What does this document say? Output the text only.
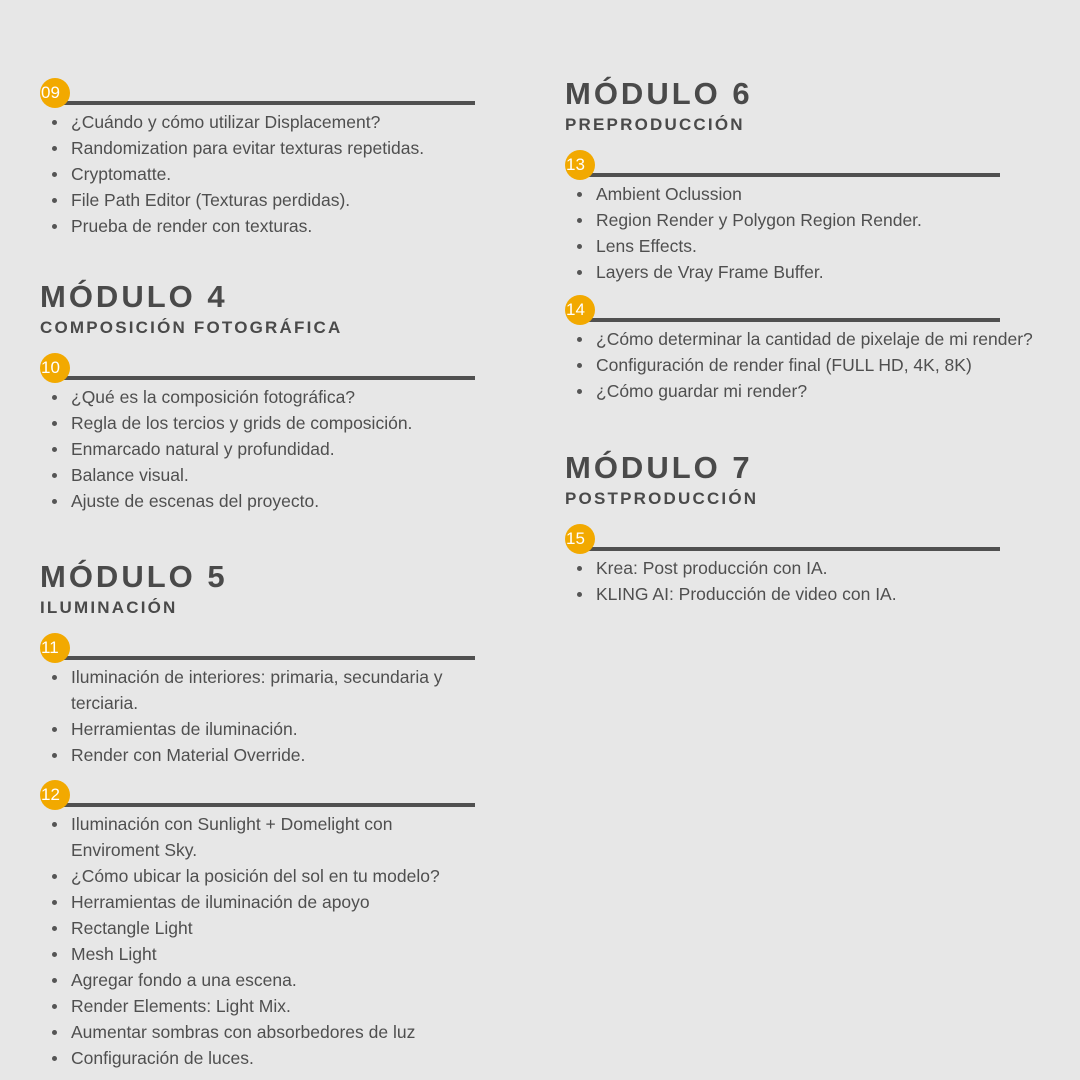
09
¿Cuándo y cómo utilizar Displacement?
Randomization para evitar texturas repetidas.
Cryptomatte.
File Path Editor (Texturas perdidas).
Prueba de render con texturas.
MÓDULO 4
COMPOSICIÓN FOTOGRÁFICA
10
¿Qué es la composición fotográfica?
Regla de los tercios y grids de composición.
Enmarcado natural y profundidad.
Balance visual.
Ajuste de escenas del proyecto.
MÓDULO 5
ILUMINACIÓN
11
Iluminación de interiores: primaria, secundaria y terciaria.
Herramientas de iluminación.
Render con Material Override.
12
Iluminación con Sunlight + Domelight con Enviroment Sky.
¿Cómo ubicar la posición del sol en tu modelo?
Herramientas de iluminación de apoyo
Rectangle Light
Mesh Light
Agregar fondo a una escena.
Render Elements: Light Mix.
Aumentar sombras con absorbedores de luz
Configuración de luces.
MÓDULO 6
PREPRODUCCIÓN
13
Ambient Oclussion
Region Render y Polygon Region Render.
Lens Effects.
Layers de Vray Frame Buffer.
14
¿Cómo determinar la cantidad de pixelaje de mi render?
Configuración de render final (FULL HD, 4K, 8K)
¿Cómo guardar mi render?
MÓDULO 7
POSTPRODUCCIÓN
15
Krea: Post producción con IA.
KLING AI: Producción de video con IA.
